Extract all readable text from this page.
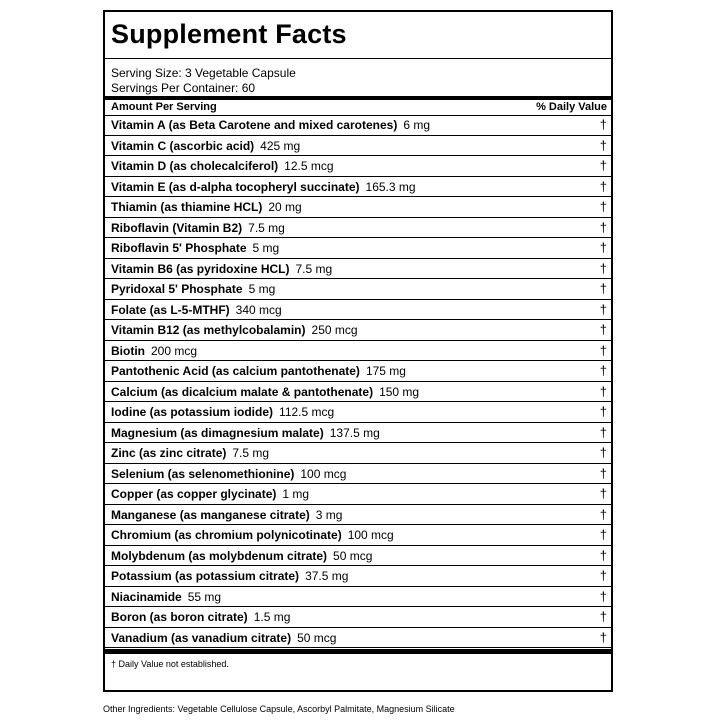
Supplement Facts
Serving Size: 3 Vegetable Capsule
Servings Per Container: 60
Amount Per Serving	% Daily Value
Vitamin A (as Beta Carotene and mixed carotenes) 6 mg	†
Vitamin C (ascorbic acid) 425 mg	†
Vitamin D (as cholecalciferol) 12.5 mcg	†
Vitamin E (as d-alpha tocopheryl succinate) 165.3 mg	†
Thiamin (as thiamine HCL) 20 mg	†
Riboflavin (Vitamin B2) 7.5 mg	†
Riboflavin 5' Phosphate 5 mg	†
Vitamin B6 (as pyridoxine HCL) 7.5 mg	†
Pyridoxal 5' Phosphate 5 mg	†
Folate (as L-5-MTHF) 340 mcg	†
Vitamin B12 (as methylcobalamin) 250 mcg	†
Biotin 200 mcg	†
Pantothenic Acid (as calcium pantothenate) 175 mg	†
Calcium (as dicalcium malate & pantothenate) 150 mg	†
Iodine (as potassium iodide) 112.5 mcg	†
Magnesium (as dimagnesium malate) 137.5 mg	†
Zinc (as zinc citrate) 7.5 mg	†
Selenium (as selenomethionine) 100 mcg	†
Copper (as copper glycinate) 1 mg	†
Manganese (as manganese citrate) 3 mg	†
Chromium (as chromium polynicotinate) 100 mcg	†
Molybdenum (as molybdenum citrate) 50 mcg	†
Potassium (as potassium citrate) 37.5 mg	†
Niacinamide 55 mg	†
Boron (as boron citrate) 1.5 mg	†
Vanadium (as vanadium citrate) 50 mcg	†
† Daily Value not established.
Other Ingredients: Vegetable Cellulose Capsule, Ascorbyl Palmitate, Magnesium Silicate
